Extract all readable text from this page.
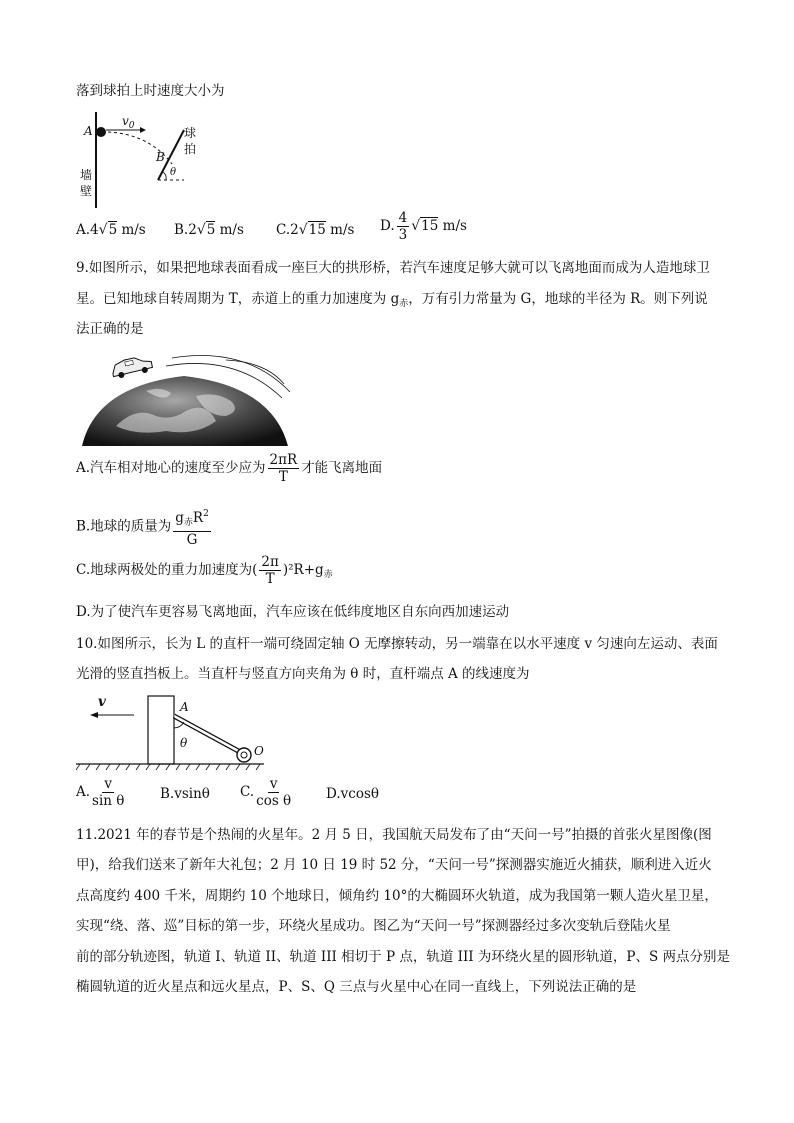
落到球拍上时速度大小为
A
$v_0$
B
θ
墙
壁
球
拍
A.4√5 m/s B.2√5 m/s C.2√15 m/s D. $\frac{4}{3} √15$ m/s
9.如图所示，如果把地球表面看成一座巨大的拱形桥，若汽车速度足够大就可以飞离地面而成为人造地球卫
星。已知地球自转周期为 T，赤道上的重力加速度为 $g_赤$，万有引力常量为 G，地球的半径为 R。则下列说
法正确的是
A.汽车相对地心的速度至少应为 $\frac{2\pi R}{T}$ 才能飞离地面
B.地球的质量为 $\frac{g_赤R^2}{G}$
C.地球两极处的重力加速度为( $\frac{2\pi}{T} )^2R+g_赤$
D.为了使汽车更容易飞离地面，汽车应该在低纬度地区自东向西加速运动
10.如图所示，长为 L 的直杆一端可绕固定轴 O 无摩擦转动，另一端靠在以水平速度 v 匀速向左运动、表面
光滑的竖直挡板上。当直杆与竖直方向夹角为 θ 时，直杆端点 A 的线速度为
v	A
θ
O
A. $\frac{v}{\text{sin θ}}$	B.vsinθ C. $\frac{v}{\text{cos θ}}$	D.vcosθ
11.2021 年的春节是个热闹的火星年。2 月 5 日，我国航天局发布了由“天问一号”拍摄的首张火星图像(图
甲)，给我们送来了新年大礼包；2 月 10 日 19 时 52 分，“天问一号”探测器实施近火捕获，顺利进入近火
点高度约 400 千米，周期约 10 个地球日，倾角约 10°的大椭圆环火轨道，成为我国第一颗人造火星卫星，
实现“绕、落、巡”目标的第一步，环绕火星成功。图乙为“天问一号”探测器经过多次变轨后登陆火星
前的部分轨迹图，轨道 I、轨道 II、轨道 III 相切于 P 点，轨道 III 为环绕火星的圆形轨道，P、S 两点分别是
椭圆轨道的近火星点和远火星点，P、S、Q 三点与火星中心在同一直线上，下列说法正确的是
